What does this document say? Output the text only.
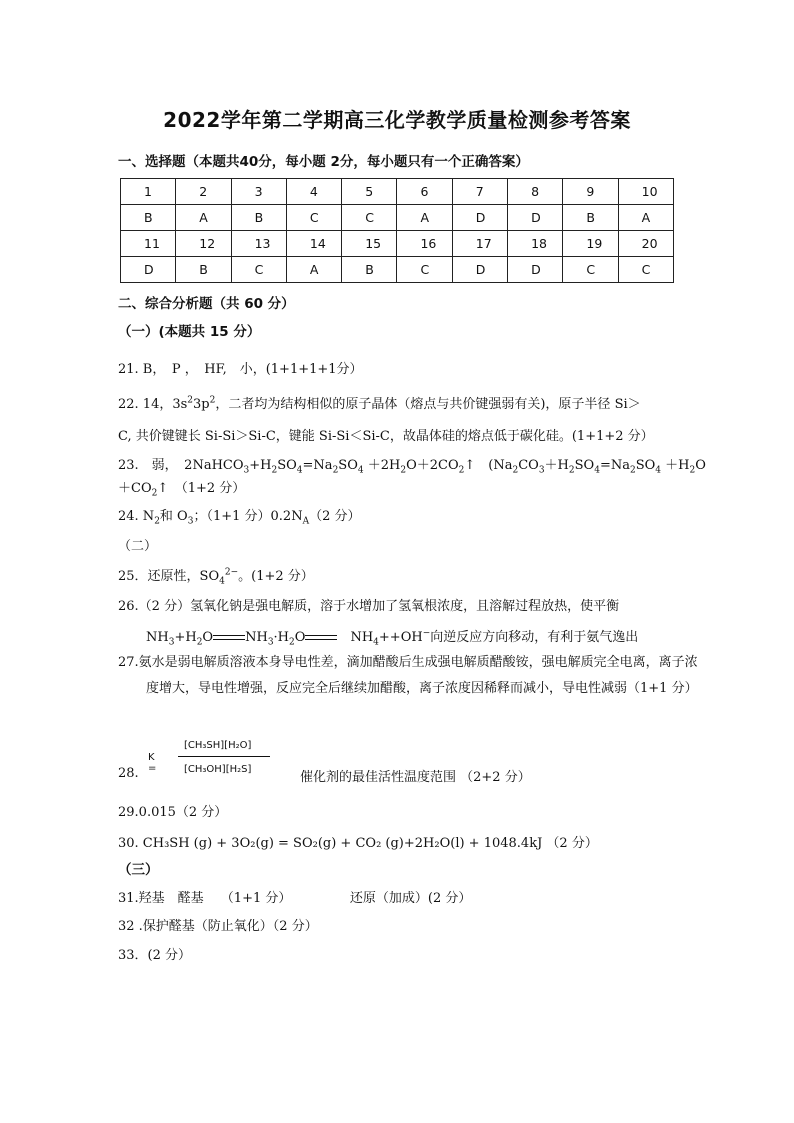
2022学年第二学期高三化学教学质量检测参考答案
一、选择题（本题共40分，每小题 2分，每小题只有一个正确答案）
1	2	3	4	5	6	7	8	9	10
B	A	B	C	C	A	D	D	B	A
11	12	13	14	15	16	17	18	19	20
D	B	C	A	B	C	D	D	C	C
二、综合分析题（共 60 分）
（一）(本题共 15 分）
21. B，　P ，　HF,　小，(1+1+1+1分）
22. 14，$3s^23p^2$，二者均为结构相似的原子晶体（熔点与共价键强弱有关)，原子半径 Si＞
C, 共价键键长 Si-Si＞Si-C，键能 Si-Si＜Si-C，故晶体硅的熔点低于碳化硅。(1+1+2 分）
23.　弱，　$2NaHCO_3+H_2SO_4=Na_2SO_4$ $+2H_2O+2CO_2↑$　($Na_2CO_3+H_2SO_4=Na_2SO_4 +H_2O$
$+CO_2↑$　（1+2 分）
24. $N_2$和 $O_3$；（1+1 分）$0.2N_A(2$ 分）
（二）
25．还原性，$SO_4^{2-}$。(1+2 分）
26.（2 分）氢氧化钠是强电解质，溶于水增加了氢氧根浓度，且溶解过程放热，使平衡
$NH_3+H_2O$ $NH_3\cdot H_2O$　	$NH_4++OH^-$向逆反应方向移动，有利于氨气逸出
27.氨水是弱电解质溶液本身导电性差，滴加醋酸后生成强电解质醋酸铵，强电解质完全电离，离子浓度增大，导电性增强，反应完全后继续加醋酸，离子浓度因稀释而减小，导电性减弱（1+1 分）
K =
[CH₃SH][H₂O]
[CH₃OH][H₂S]
28.	催化剂的最佳活性温度范围 （2+2 分）
29.0.015（2 分）
30. CH₃SH (g) + 3O₂(g) = SO₂(g) + CO₂ (g)+2H₂O(l) + 1048.4kJ （2 分）
（三）
31.羟基　醛基　 （1+1 分）　　　　　还原（加成）(2 分）
32 .保护醛基（防止氧化）（2 分）
33．(2 分）
